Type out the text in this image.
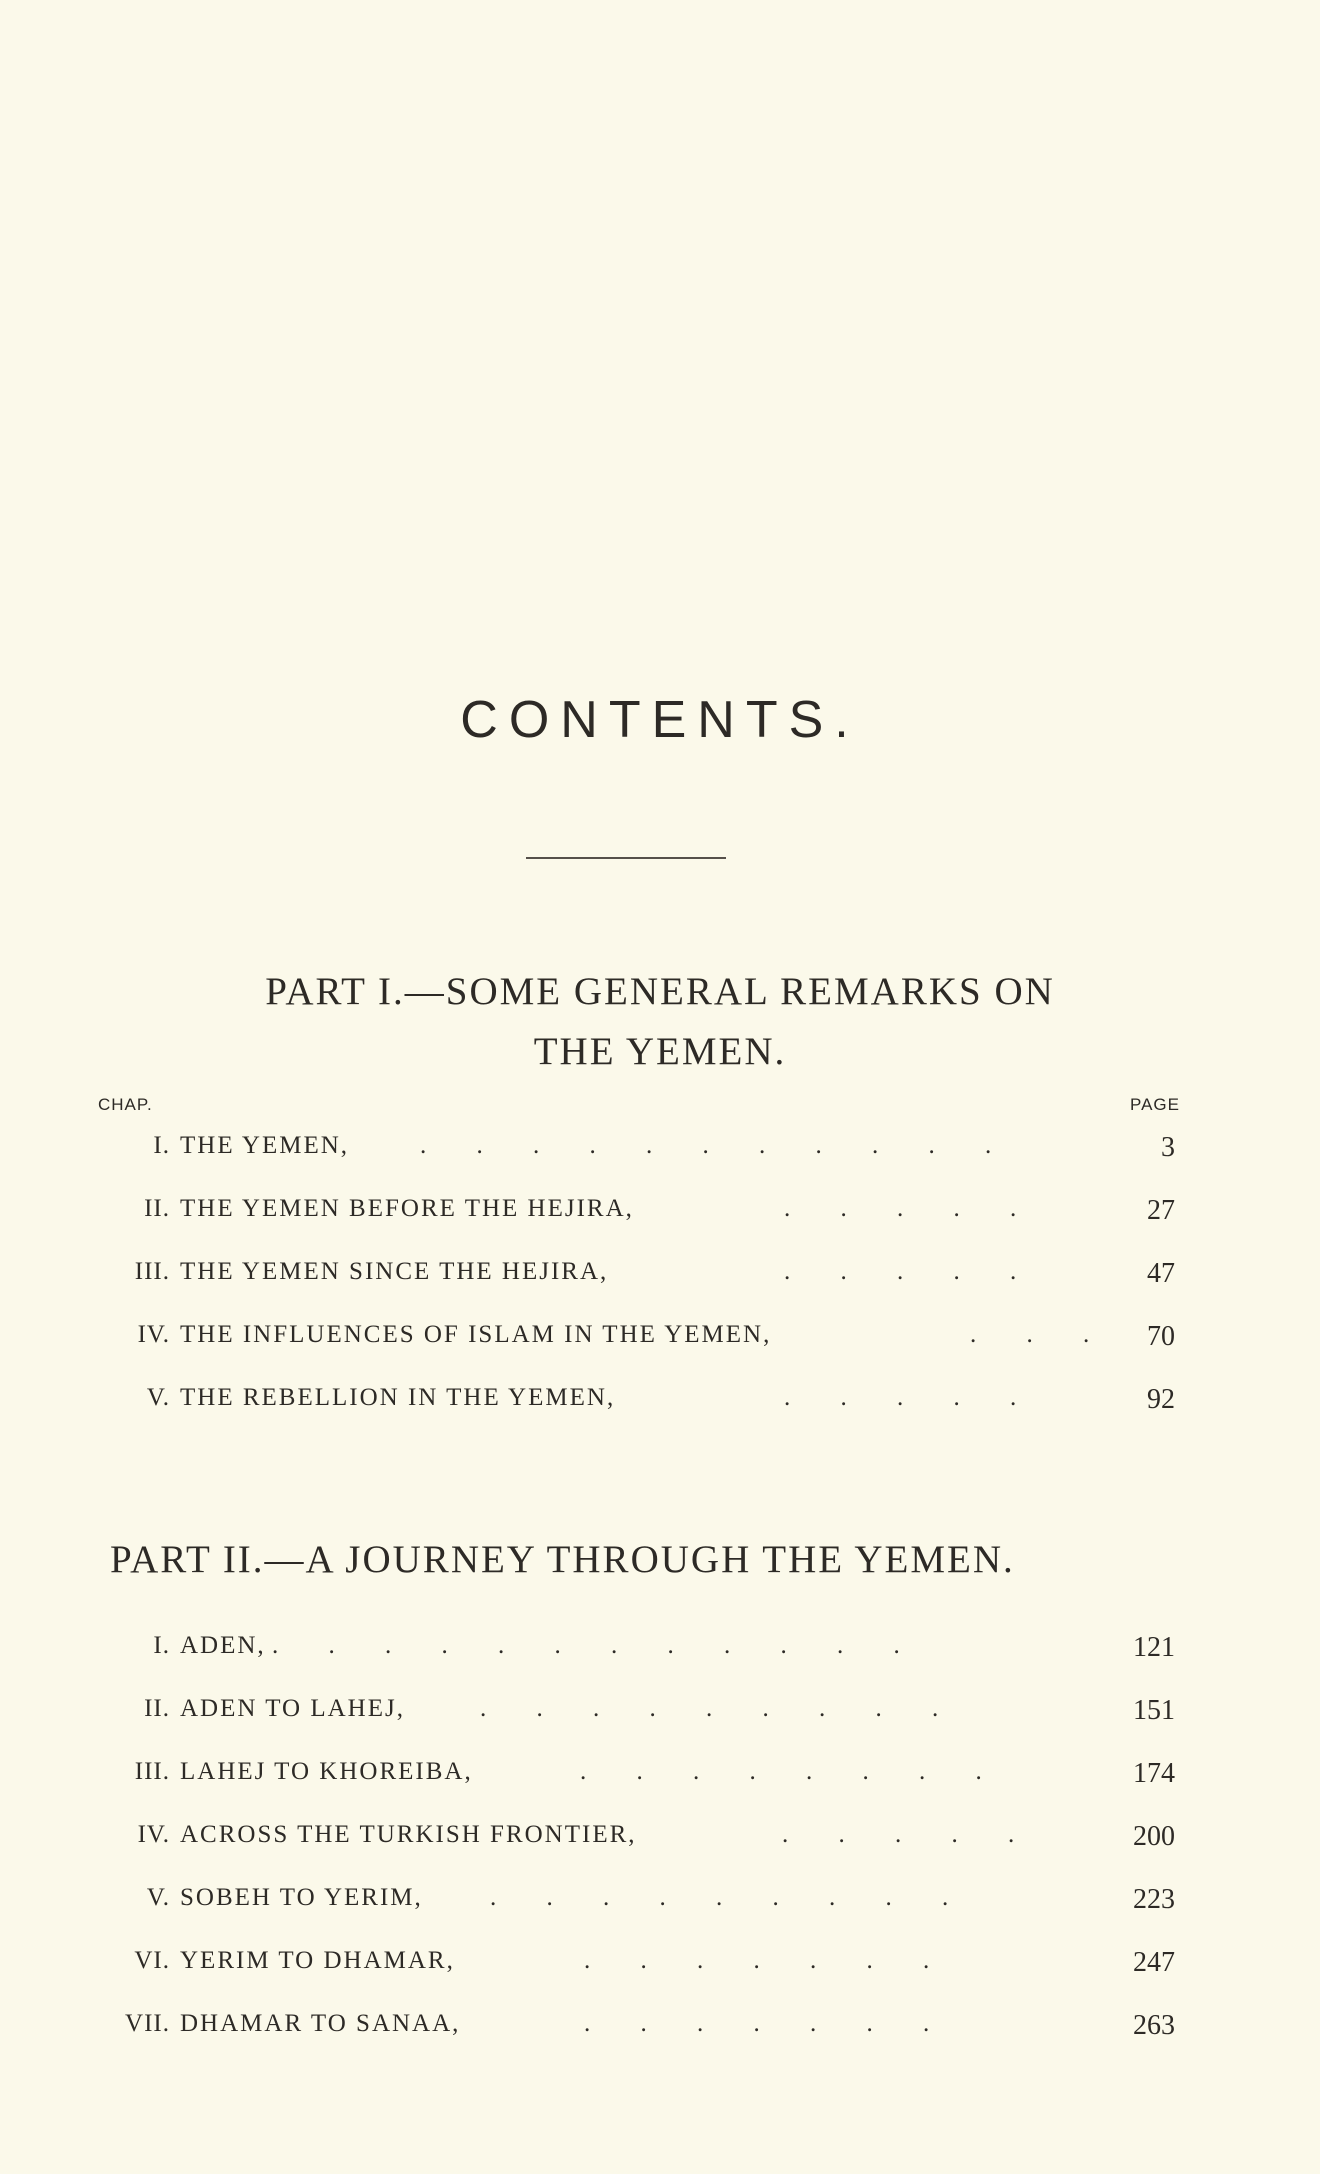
CONTENTS.
PART I.—SOME GENERAL REMARKS ON
THE YEMEN.
CHAP.	PAGE
I. THE YEMEN,	. . . . . . . . . . .	3
II. THE YEMEN BEFORE THE HEJIRA,	. . . . .	27
III. THE YEMEN SINCE THE HEJIRA,	. . . . .	47
IV. THE INFLUENCES OF ISLAM IN THE YEMEN,	. . . 70
V. THE REBELLION IN THE YEMEN,	. . . . .	92
PART II.—A JOURNEY THROUGH THE YEMEN.
I. ADEN, . . . . . . . . . . . .	121
II. ADEN TO LAHEJ,	. . . . . . . . .	151
III. LAHEJ TO KHOREIBA,	. . . . . . . .	174
IV. ACROSS THE TURKISH FRONTIER,	. . . . .	200
V. SOBEH TO YERIM,	. . . . . . . . .	223
VI. YERIM TO DHAMAR,	. . . . . . .	247
VII. DHAMAR TO SANAA,	. . . . . . .	263
